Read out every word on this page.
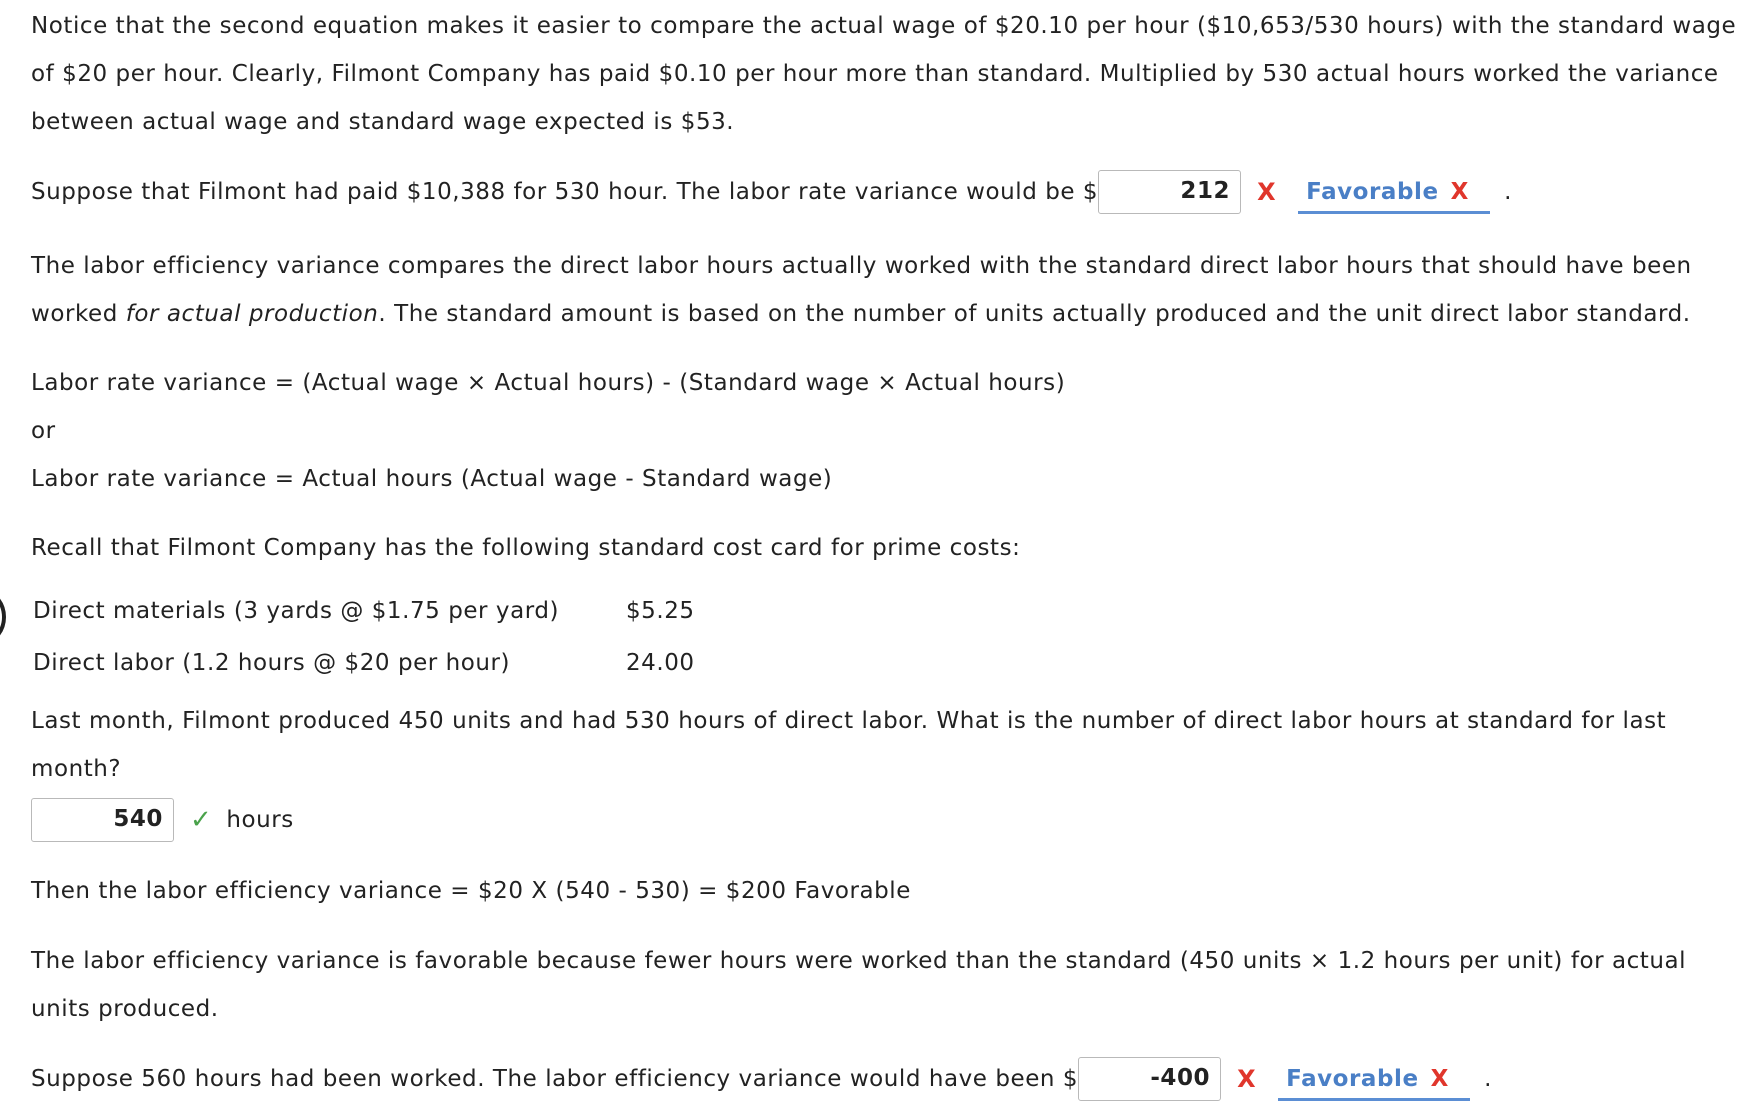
Notice that the second equation makes it easier to compare the actual wage of $20.10 per hour ($10,653/530 hours) with the standard wage
of $20 per hour. Clearly, Filmont Company has paid $0.10 per hour more than standard. Multiplied by 530 actual hours worked the variance
between actual wage and standard wage expected is $53.
Suppose that Filmont had paid $10,388 for 530 hour. The labor rate variance would be $	212	X	Favorable X	.
The labor efficiency variance compares the direct labor hours actually worked with the standard direct labor hours that should have been
worked for actual production. The standard amount is based on the number of units actually produced and the unit direct labor standard.
Labor rate variance = (Actual wage × Actual hours) - (Standard wage × Actual hours)
or
Labor rate variance = Actual hours (Actual wage - Standard wage)
Recall that Filmont Company has the following standard cost card for prime costs:
Direct materials (3 yards @ $1.75 per yard)	$5.25
Direct labor (1.2 hours @ $20 per hour)	24.00
Last month, Filmont produced 450 units and had 530 hours of direct labor. What is the number of direct labor hours at standard for last
month?
540	✓ hours
Then the labor efficiency variance = $20 X (540 - 530) = $200 Favorable
The labor efficiency variance is favorable because fewer hours were worked than the standard (450 units × 1.2 hours per unit) for actual
units produced.
Suppose 560 hours had been worked. The labor efficiency variance would have been $	-400	X	Favorable X	.
